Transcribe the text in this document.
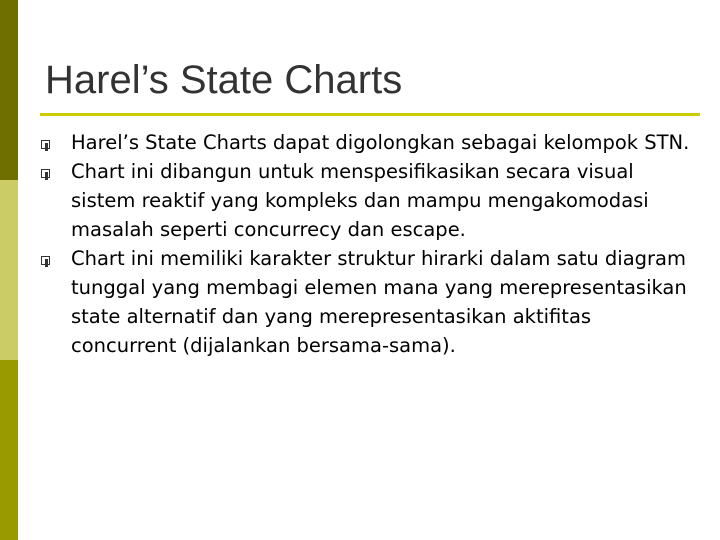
Harel’s State Charts
Harel’s State Charts dapat digolongkan sebagai kelompok STN.
Chart ini dibangun untuk menspesifikasikan secara visual sistem reaktif yang kompleks dan mampu mengakomodasi masalah seperti concurrecy dan escape.
Chart ini memiliki karakter struktur hirarki dalam satu diagram tunggal yang membagi elemen mana yang merepresentasikan state alternatif dan yang merepresentasikan aktifitas concurrent (dijalankan bersama-sama).
